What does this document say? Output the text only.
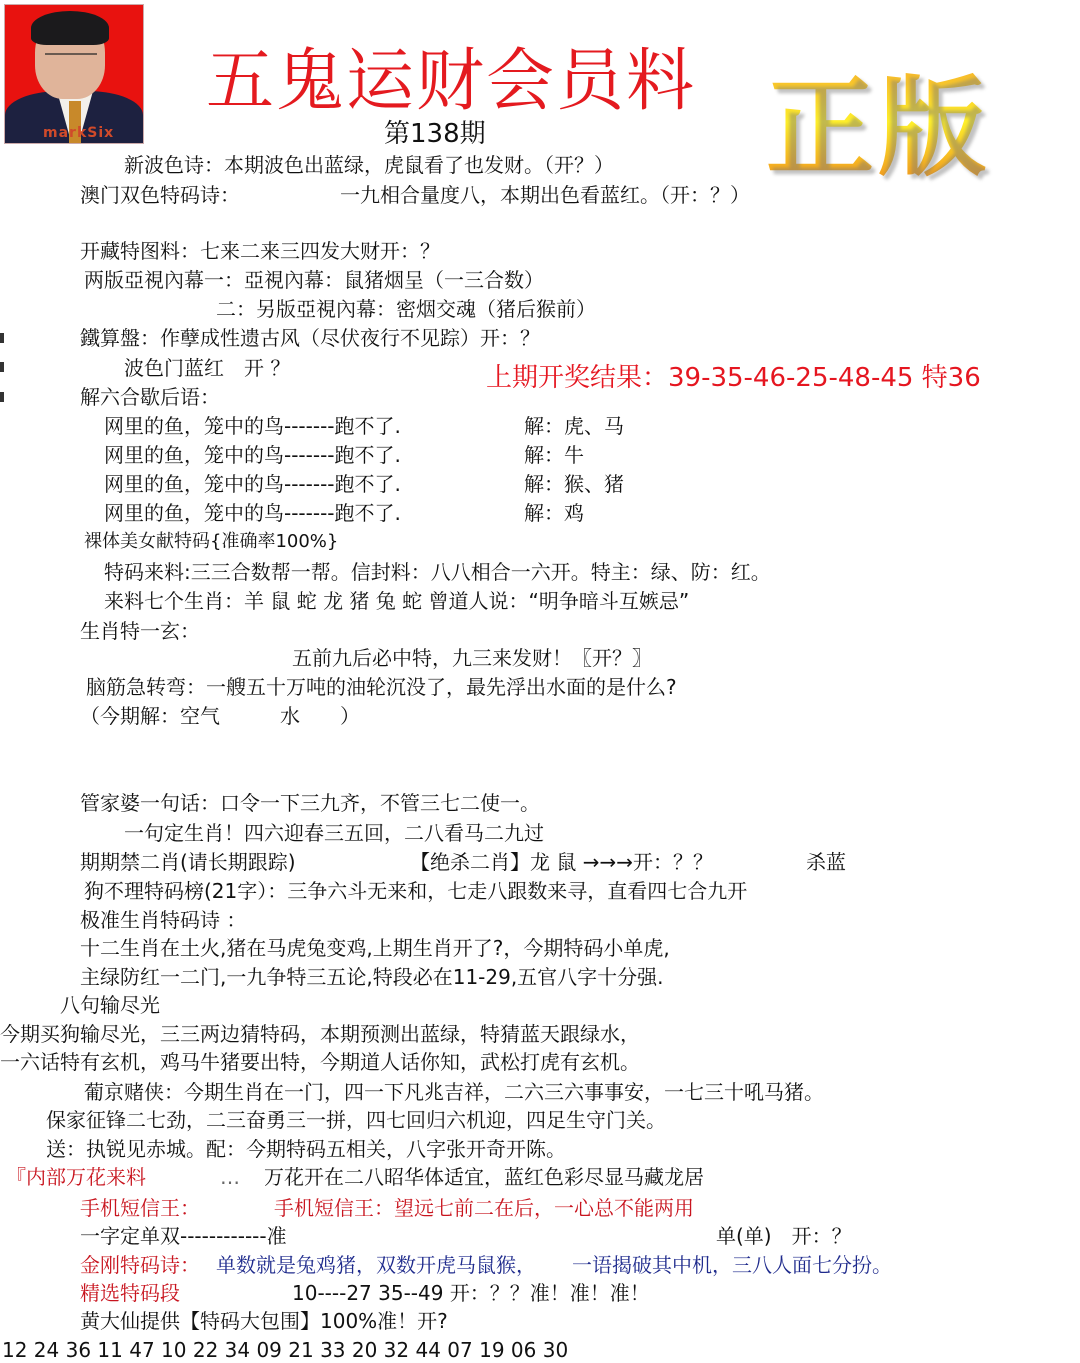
markSix
五鬼运财会员料
第138期	正版
新波色诗：本期波色出蓝绿，虎鼠看了也发财。（开？）
澳门双色特码诗：	一九相合量度八，本期出色看蓝红。（开：？）
开藏特图料：七来二来三四发大财开：？
两版亞視內幕一：亞視內幕：鼠猪烟呈（一三合数）
二：另版亞視內幕：密烟交魂（猪后猴前）
鐵算盤：作孽成性遗古风（尽伏夜行不见踪）开：？
波色门蓝红　开 ？	上期开奖结果：39-35-46-25-48-45 特36
解六合歇后语：
网里的鱼，笼中的鸟-------跑不了.	解：虎、马
网里的鱼，笼中的鸟-------跑不了.	解：牛
网里的鱼，笼中的鸟-------跑不了.	解：猴、猪
网里的鱼，笼中的鸟-------跑不了.	解：鸡
裸体美女献特码{准确率100%}
特码来料:三三合数帮一帮。信封料：八八相合一六开。特主：绿、防：红。
来料七个生肖：羊 鼠 蛇 龙 猪 兔 蛇 曾道人说：“明争暗斗互嫉忌”
生肖特一玄：
五前九后必中特，九三来发财！〖开？〗
脑筋急转弯：一艘五十万吨的油轮沉没了，最先浮出水面的是什么?
（今期解：空气　　　水　　）
管家婆一句话：口令一下三九齐，不管三七二使一。
一句定生肖！四六迎春三五回，二八看马二九过
期期禁二肖(请长期跟踪)	【绝杀二肖】龙 鼠 →→→开：？？	杀蓝
狗不理特码榜(21字）：三争六斗无来和，七走八跟数来寻，直看四七合九开
极准生肖特码诗 ：
十二生肖在土火,猪在马虎兔变鸡,上期生肖开了?，今期特码小单虎,
主绿防红一二门,一九争特三五论,特段必在11-29,五官八字十分强.
八句输尽光
今期买狗输尽光，三三两边猜特码，本期预测出蓝绿，特猜蓝天跟绿水，
一六话特有玄机，鸡马牛猪要出特，今期道人话你知，武松打虎有玄机。
葡京赌侠：今期生肖在一门，四一下凡兆吉祥，二六三六事事安，一七三十吼马猪。
保家征锋二七劲，二三奋勇三一拼，四七回归六机迎，四足生守门关。
送：执锐见赤城。配：今期特码五相关，八字张开奇开陈。
『内部万花来料	… 万花开在二八昭华体适宜，蓝红色彩尽显马藏龙居
手机短信王：	手机短信王：望远七前二在后，一心总不能两用
一字定单双------------准	单(单)　开：？
金刚特码诗： 单数就是兔鸡猪，双数开虎马鼠猴， 一语揭破其中机，三八人面七分扮。
精选特码段	10----27 35--49 开：？？准！准！准！
黄大仙提供【特码大包围】100%准！开?
12 24 36 11 47 10 22 34 09 21 33 20 32 44 07 19 06 30
